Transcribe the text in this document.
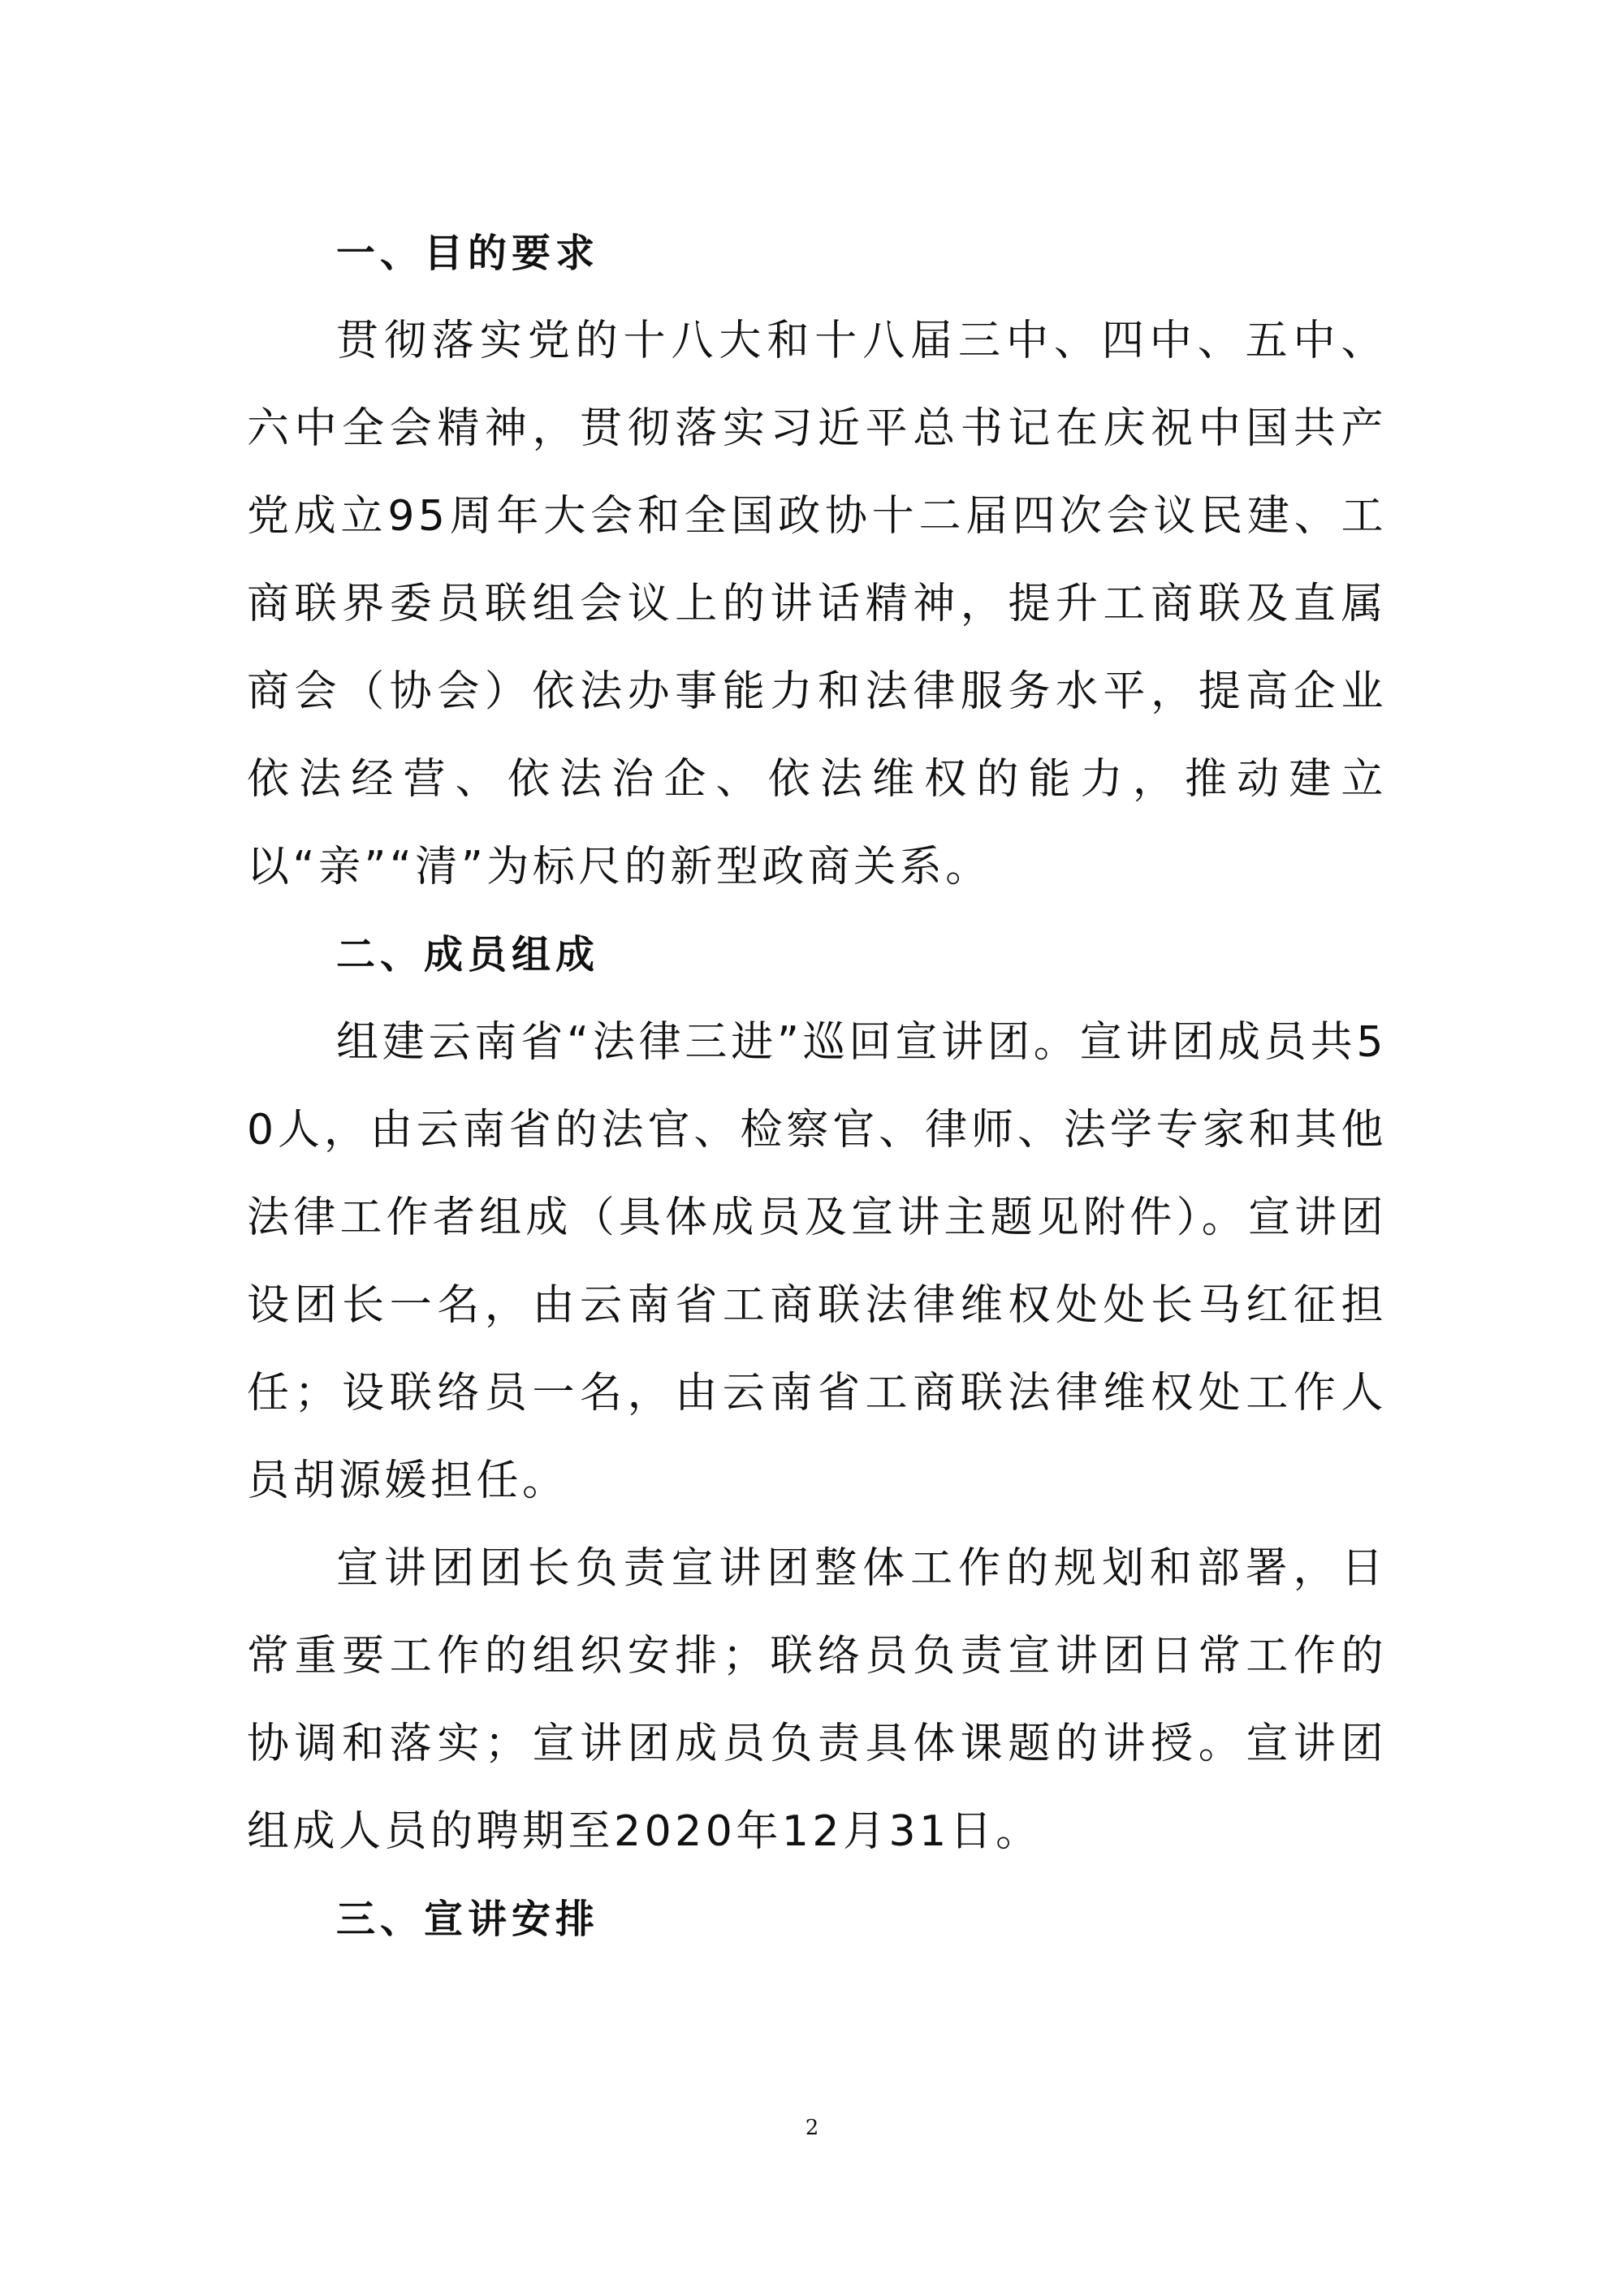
一、目的要求

贯彻落实党的十八大和十八届三中、四中、五中、六中全会精神，贯彻落实习近平总书记在庆祝中国共产党成立95周年大会和全国政协十二届四次会议民建、工商联界委员联组会议上的讲话精神，提升工商联及直属商会（协会）依法办事能力和法律服务水平，提高企业依法经营、依法治企、依法维权的能力，推动建立以“亲”“清”为标尺的新型政商关系。

二、成员组成

组建云南省“法律三进”巡回宣讲团。宣讲团成员共50人，由云南省的法官、检察官、律师、法学专家和其他法律工作者组成（具体成员及宣讲主题见附件）。宣讲团设团长一名，由云南省工商联法律维权处处长马红征担任；设联络员一名，由云南省工商联法律维权处工作人员胡源媛担任。

宣讲团团长负责宣讲团整体工作的规划和部署，日常重要工作的组织安排；联络员负责宣讲团日常工作的协调和落实；宣讲团成员负责具体课题的讲授。宣讲团组成人员的聘期至2020年12月31日。

三、宣讲安排
2
